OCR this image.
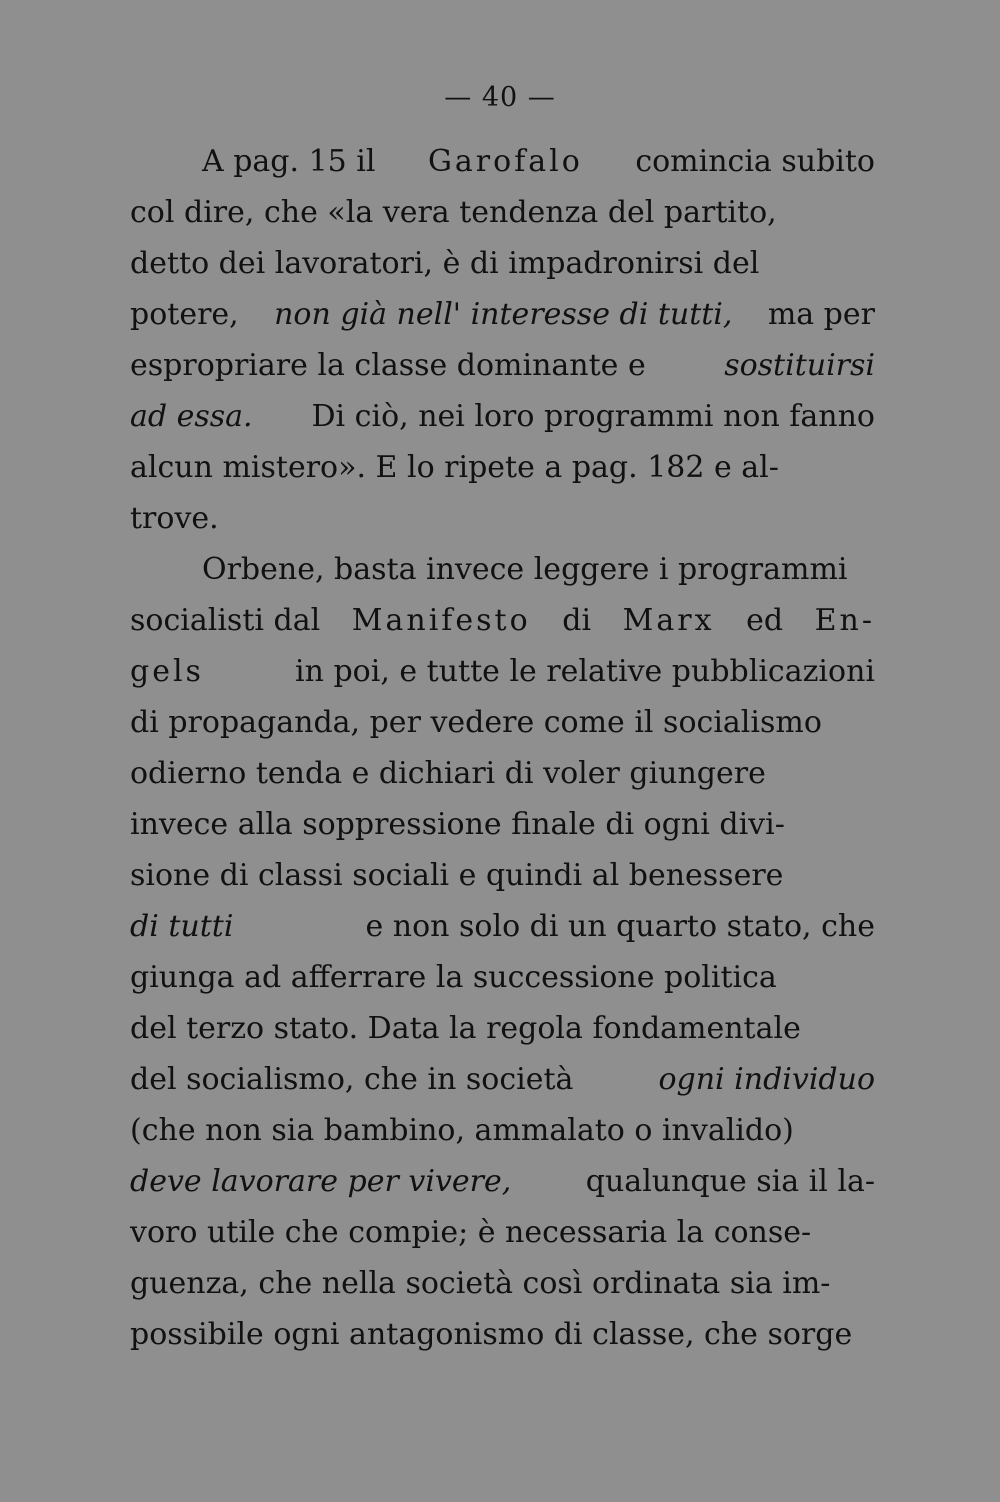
— 40 —
A pag. 15 il Garofalo comincia subito
col dire, che «la vera tendenza del partito,
detto dei lavoratori, è di impadronirsi del
potere, non già nell' interesse di tutti, ma per
espropriare la classe dominante e	sostituirsi
ad essa. Di ciò, nei loro programmi non fanno
alcun mistero». E lo ripete a pag. 182 e al-
trove.
Orbene, basta invece leggere i programmi
socialisti dal Manifesto di Marx ed En-
gels	in poi, e tutte le relative pubblicazioni
di propaganda, per vedere come il socialismo
odierno tenda e dichiari di voler giungere
invece alla soppressione finale di ogni divi-
sione di classi sociali e quindi al benessere
di tutti	e non solo di un quarto stato, che
giunga ad afferrare la successione politica
del terzo stato. Data la regola fondamentale
del socialismo, che in società	ogni individuo
(che non sia bambino, ammalato o invalido)
deve lavorare per vivere, qualunque sia il la-
voro utile che compie; è necessaria la conse-
guenza, che nella società così ordinata sia im-
possibile ogni antagonismo di classe, che sorge
